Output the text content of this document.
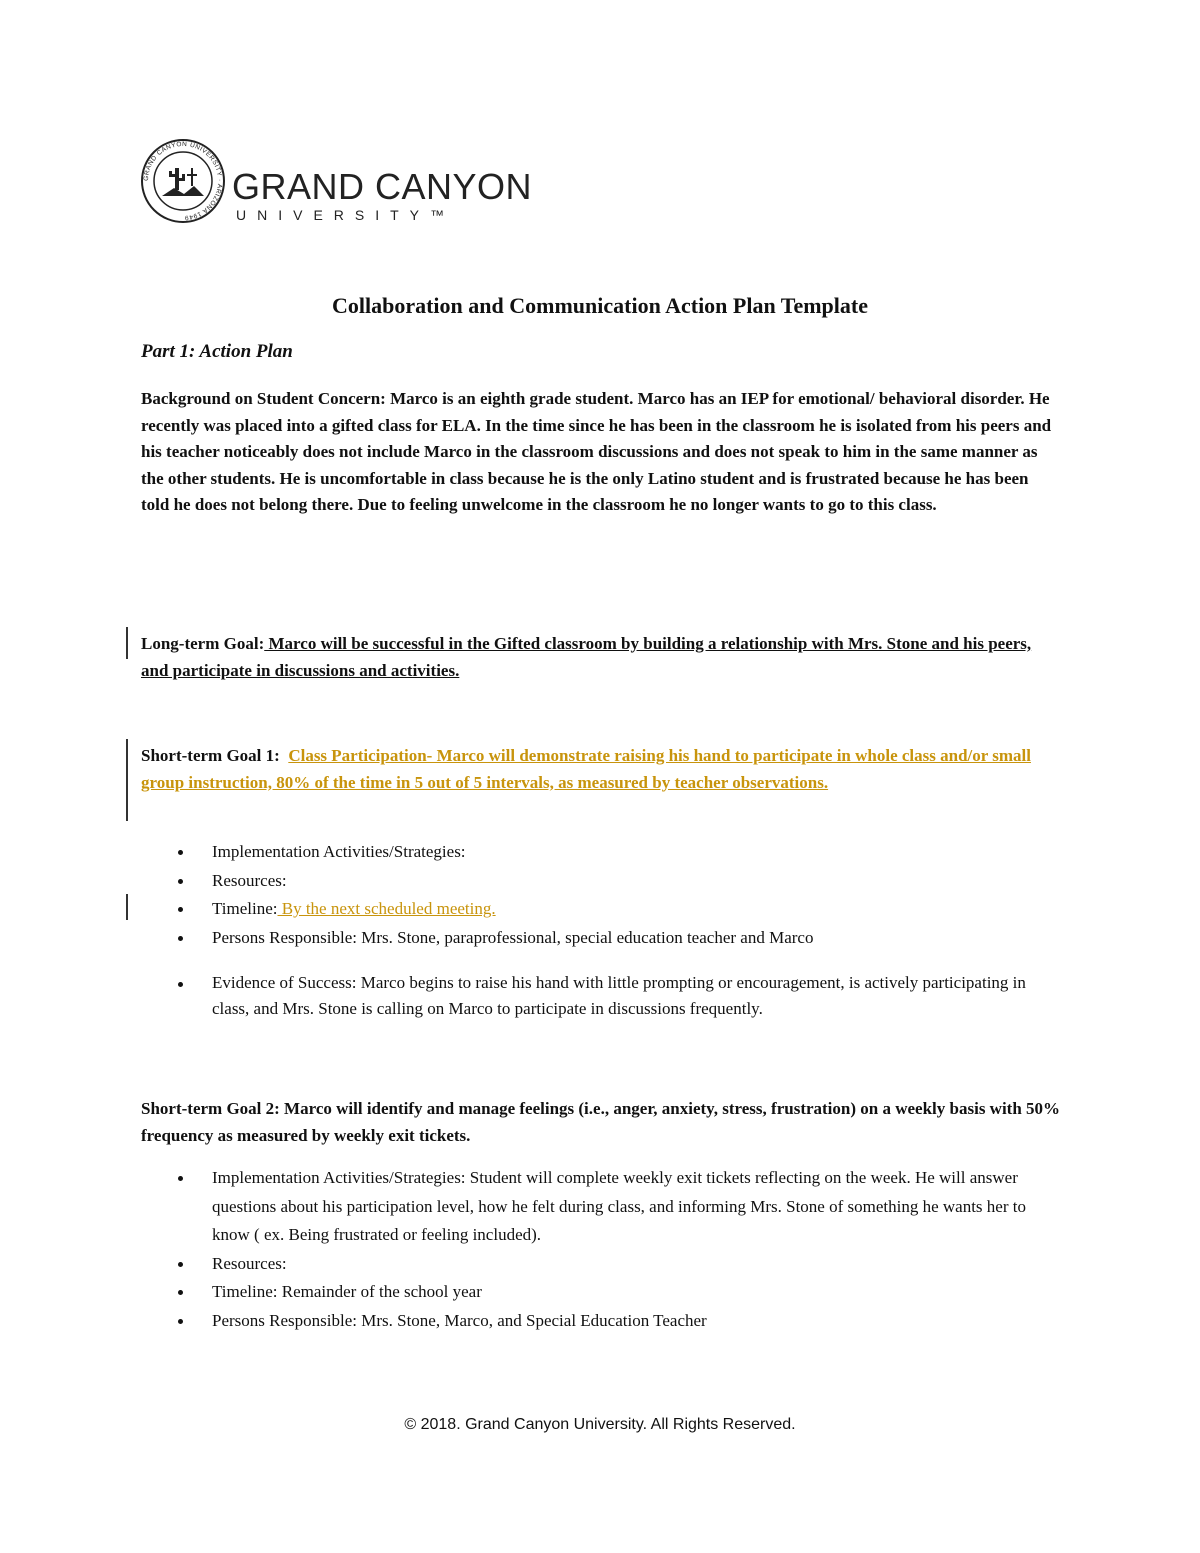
GRAND CANYON UNIVERSITY · ARIZONA 1949
GRAND CANYON
UNIVERSITY™
Collaboration and Communication Action Plan Template
Part 1: Action Plan

Background on Student Concern: Marco is an eighth grade student. Marco has an IEP for emotional/ behavioral disorder. He recently was placed into a gifted class for ELA. In the time since he has been in the classroom he is isolated from his peers and his teacher noticeably does not include Marco in the classroom discussions and does not speak to him in the same manner as the other students. He is uncomfortable in class because he is the only Latino student and is frustrated because he has been told he does not belong there. Due to feeling unwelcome in the classroom he no longer wants to go to this class.

Long-term Goal: Marco will be successful in the Gifted classroom by building a relationship with Mrs. Stone and his peers, and participate in discussions and activities.

Short-term Goal 1: Class Participation- Marco will demonstrate raising his hand to participate in whole class and/or small group instruction, 80% of the time in 5 out of 5 intervals, as measured by teacher observations.

Implementation Activities/Strategies:
Resources:
Timeline: By the next scheduled meeting.
Persons Responsible: Mrs. Stone, paraprofessional, special education teacher and Marco
Evidence of Success: Marco begins to raise his hand with little prompting or encouragement, is actively participating in class, and Mrs. Stone is calling on Marco to participate in discussions frequently.

Short-term Goal 2: Marco will identify and manage feelings (i.e., anger, anxiety, stress, frustration) on a weekly basis with 50% frequency as measured by weekly exit tickets.

Implementation Activities/Strategies: Student will complete weekly exit tickets reflecting on the week. He will answer questions about his participation level, how he felt during class, and informing Mrs. Stone of something he wants her to know ( ex. Being frustrated or feeling included).
Resources:
Timeline: Remainder of the school year
Persons Responsible: Mrs. Stone, Marco, and Special Education Teacher
© 2018. Grand Canyon University. All Rights Reserved.
